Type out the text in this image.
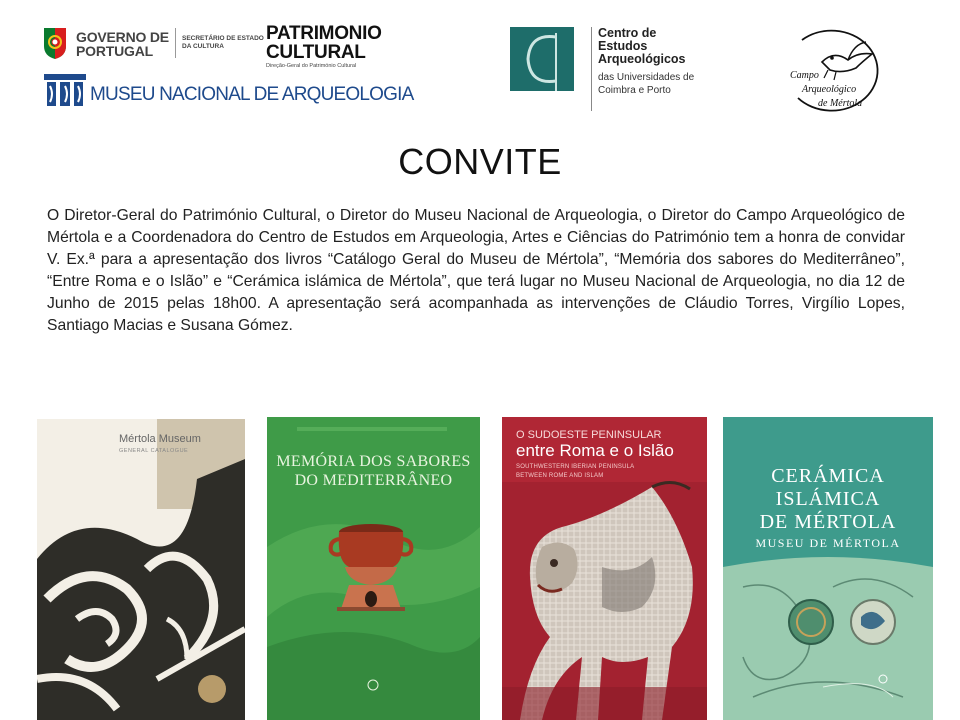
GOVERNO DE
PORTUGAL
SECRETÁRIO DE ESTADO
DA CULTURA
PATRIMONIO
CULTURAL
Direção-Geral do Património Cultural
MUSEU NACIONAL DE ARQUEOLOGIA
Centro de
Estudos
Arqueológicos
das Universidades de
Coimbra e Porto
Campo
Arqueológico
de Mértola
CONVITE
O Diretor-Geral do Património Cultural, o Diretor do Museu Nacional de Arqueologia, o Diretor do Campo Arqueológico de Mértola e a Coordenadora do Centro de Estudos em Arqueologia, Artes e Ciências do Património tem a honra de convidar V. Ex.ª para a apresentação dos livros “Catálogo Geral do Museu de Mértola”, “Memória dos sabores do Mediterrâneo”, “Entre Roma e o Islão” e “Cerámica islámica de Mértola”, que terá lugar no Museu Nacional de Arqueologia, no dia 12 de Junho de 2015 pelas 18h00. A apresentação será acompanhada as intervenções de Cláudio Torres, Virgílio Lopes, Santiago Macias e Susana Gómez.
Mértola Museum
GENERAL CATALOGUE
MEMÓRIA DOS SABORES
DO MEDITERRÂNEO
O SUDOESTE PENINSULAR
entre Roma e o Islão
SOUTHWESTERN IBERIAN PENINSULA
BETWEEN ROME AND ISLAM	CERÁMICA
ISLÁMICA
DE MÉRTOLA
MUSEU DE MÉRTOLA
